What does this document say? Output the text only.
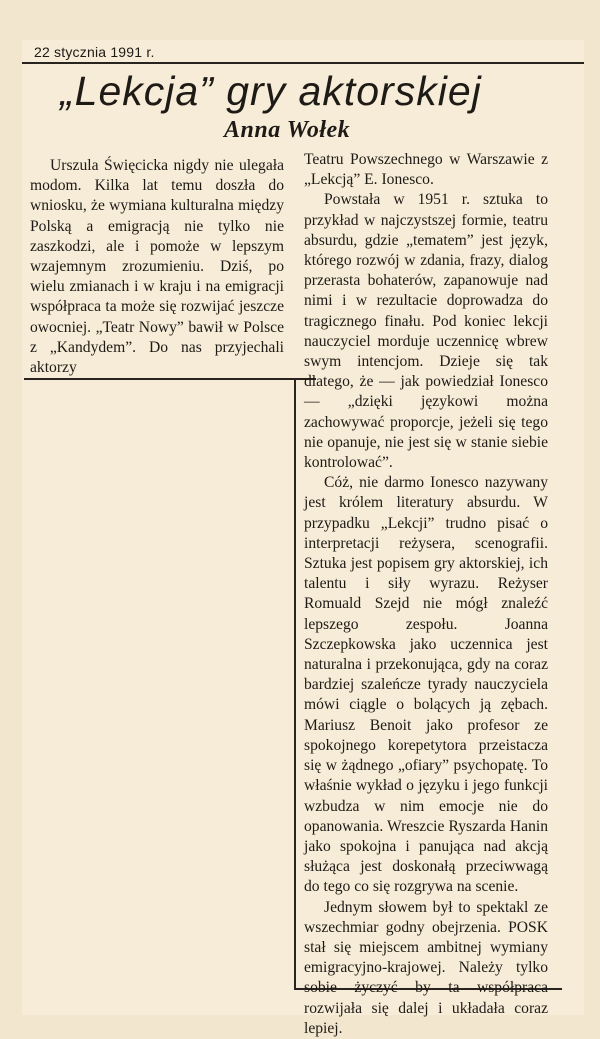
22 stycznia 1991 r.
„Lekcja” gry aktorskiej
Anna Wołek

Urszula Święcicka nigdy nie ulegała modom. Kilka lat temu doszła do wniosku, że wymiana kulturalna między Polską a emigracją nie tylko nie zaszkodzi, ale i pomoże w lepszym wzajemnym zrozumieniu. Dziś, po wielu zmianach i w kraju i na emigracji współpraca ta może się rozwijać jeszcze owocniej. „Teatr Nowy” bawił w Polsce z „Kandydem”. Do nas przyjechali aktorzy

Teatru Powszechnego w Warszawie z „Lekcją” E. Ionesco.

Powstała w 1951 r. sztuka to przykład w najczystszej formie, teatru absurdu, gdzie „tematem” jest język, którego rozwój w zdania, frazy, dialog przerasta bohaterów, zapanowuje nad nimi i w rezultacie doprowadza do tragicznego finału. Pod koniec lekcji nauczyciel morduje uczennicę wbrew swym intencjom. Dzieje się tak dlatego, że — jak powiedział Ionesco — „dzięki językowi można zachowywać proporcje, jeżeli się tego nie opanuje, nie jest się w stanie siebie kontrolować”.

Cóż, nie darmo Ionesco nazywany jest królem literatury absurdu. W przypadku „Lekcji” trudno pisać o interpretacji reżysera, scenografii. Sztuka jest popisem gry aktorskiej, ich talentu i siły wyrazu. Reżyser Romuald Szejd nie mógł znaleźć lepszego zespołu. Joanna Szczepkowska jako uczennica jest naturalna i przekonująca, gdy na coraz bardziej szaleńcze tyrady nauczyciela mówi ciągle o bolących ją zębach. Mariusz Benoit jako profesor ze spokojnego korepetytora przeistacza się w żądnego „ofiary” psychopatę. To właśnie wykład o języku i jego funkcji wzbudza w nim emocje nie do opanowania. Wreszcie Ryszarda Hanin jako spokojna i panująca nad akcją służąca jest doskonałą przeciwwagą do tego co się rozgrywa na scenie.

Jednym słowem był to spektakl ze wszechmiar godny obejrzenia. POSK stał się miejscem ambitnej wymiany emigracyjno-krajowej. Należy tylko sobie życzyć by ta współpraca rozwijała się dalej i układała coraz lepiej.
